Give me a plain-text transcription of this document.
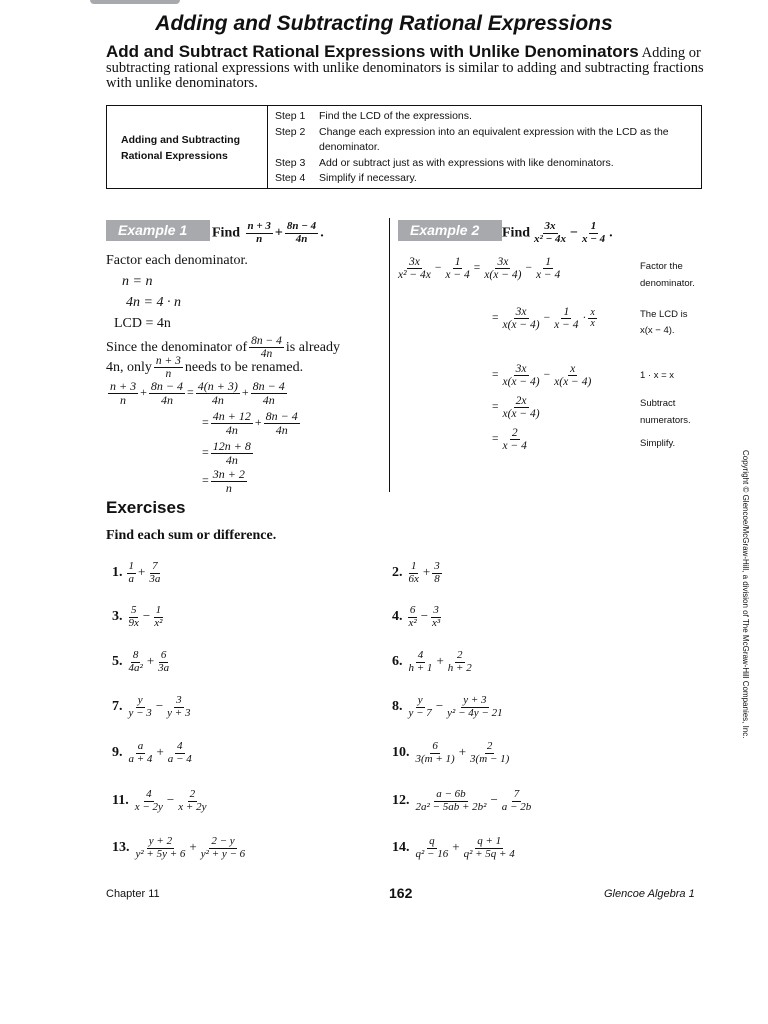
Adding and Subtracting Rational Expressions
Add and Subtract Rational Expressions with Unlike Denominators Adding or subtracting rational expressions with unlike denominators is similar to adding and subtracting fractions with unlike denominators.
Adding and Subtracting Rational Expressions
Step 1	Find the LCD of the expressions.
Step 2	Change each expression into an equivalent expression with the LCD as the denominator.
Step 3	Add or subtract just as with expressions with like denominators.
Step 4	Simplify if necessary.
Example 1	Find $\frac{n + 3}{n} + \frac{8n - 4}{4n}$ .
Factor each denominator.
n = n
4n = 4 · n
LCD = 4n
Since the denominator of $\frac{8n - 4}{4n}$ is already
4n, only $\frac{n + 3}{n}$ needs to be renamed.
$\frac{n + 3}{n} + \frac{8n - 4}{4n} = \frac{4(n + 3)}{4n} + \frac{8n - 4}{4n}$
= $\frac{4n + 12}{4n} + \frac{8n - 4}{4n}$
= $\frac{12n + 8}{4n}$
= $\frac{3n + 2}{n}$
Example 2	Find $\frac{3x}{\text{x² − 4x}} - \frac{1}{x - 4}$ .
$\frac{3x}{\text{x² − 4x}} - \frac{1}{x - 4} = \frac{3x}{x(x - 4)} - \frac{1}{x - 4}$
= $\frac{3x}{x(x - 4)} - \frac{1}{x - 4} \cdot \frac{x}{x}$
= $\frac{3x}{x(x - 4)} - \frac{x}{x(x - 4)}$
= $\frac{2x}{x(x - 4)}$
= $\frac{2}{x - 4}$
Factor the
denominator.
The LCD is
x(x − 4).
1 · x = x
Subtract
numerators.
Simplify.
Exercises
Find each sum or difference.
1. $\frac{1}{a} + \frac{7}{3a}$	2. $\frac{1}{6x} + \frac{3}{8}$
3. $\frac{5}{9x} - \frac{1}{\text{x²}}$	4. $\frac{6}{\text{x²}} - \frac{3}{\text{x³}}$
5. $\frac{8}{\text{4a²}} + \frac{6}{3a}$	6. $\frac{4}{h + 1} + \frac{2}{h + 2}$
7. $\frac{y}{y - 3} - \frac{3}{y + 3}$	8. $\frac{y}{y - 7} - \frac{y + 3}{\text{y² − 4y − 21}}$
9. $\frac{a}{a + 4} + \frac{4}{a - 4}$	10. $\frac{6}{3(m + 1)} + \frac{2}{3(m - 1)}$
11. $\frac{4}{x - 2y} - \frac{2}{x + 2y}$	12. $\frac{a - 6b}{\text{2a² − 5ab + 2b²}} - \frac{7}{a - 2b}$
13. $\frac{y + 2}{\text{y² + 5y + 6}} + \frac{2 - y}{\text{y² + y − 6}}$	14. $\frac{q}{\text{q² − 16}} + \frac{q + 1}{\text{q² + 5q + 4}}$
Chapter 11	162	Glencoe Algebra 1
Copyright © Glencoe/McGraw-Hill, a division of The McGraw-Hill Companies, Inc.
